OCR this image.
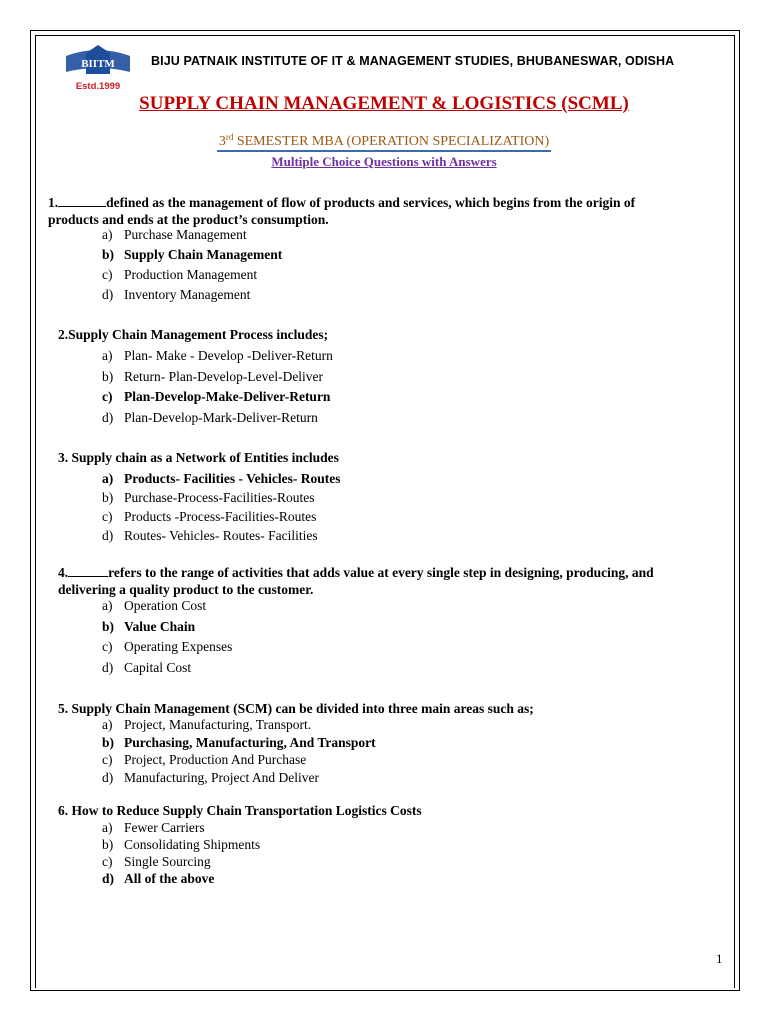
BIITM
Estd.1999
BIJU PATNAIK INSTITUTE OF IT & MANAGEMENT STUDIES, BHUBANESWAR, ODISHA
SUPPLY CHAIN MANAGEMENT & LOGISTICS (SCML)
3rd SEMESTER MBA (OPERATION SPECIALIZATION)
Multiple Choice Questions with Answers
1.	defined as the management of flow of products and services, which begins from the origin of
products and ends at the product’s consumption.
a) Purchase Management
b) Supply Chain Management
c) Production Management
d) Inventory Management
2.Supply Chain Management Process includes;
a) Plan- Make - Develop -Deliver-Return
b) Return- Plan-Develop-Level-Deliver
c) Plan-Develop-Make-Deliver-Return
d) Plan-Develop-Mark-Deliver-Return
3. Supply chain as a Network of Entities includes
a) Products- Facilities - Vehicles- Routes
b) Purchase-Process-Facilities-Routes
c) Products -Process-Facilities-Routes
d) Routes- Vehicles- Routes- Facilities
4.	refers to the range of activities that adds value at every single step in designing, producing, and
delivering a quality product to the customer.
a) Operation Cost
b) Value Chain
c) Operating Expenses
d) Capital Cost
5. Supply Chain Management (SCM) can be divided into three main areas such as;
a) Project, Manufacturing, Transport.
b) Purchasing, Manufacturing, And Transport
c) Project, Production And Purchase
d) Manufacturing, Project And Deliver
6. How to Reduce Supply Chain Transportation Logistics Costs
a) Fewer Carriers
b) Consolidating Shipments
c) Single Sourcing
d) All of the above
1
